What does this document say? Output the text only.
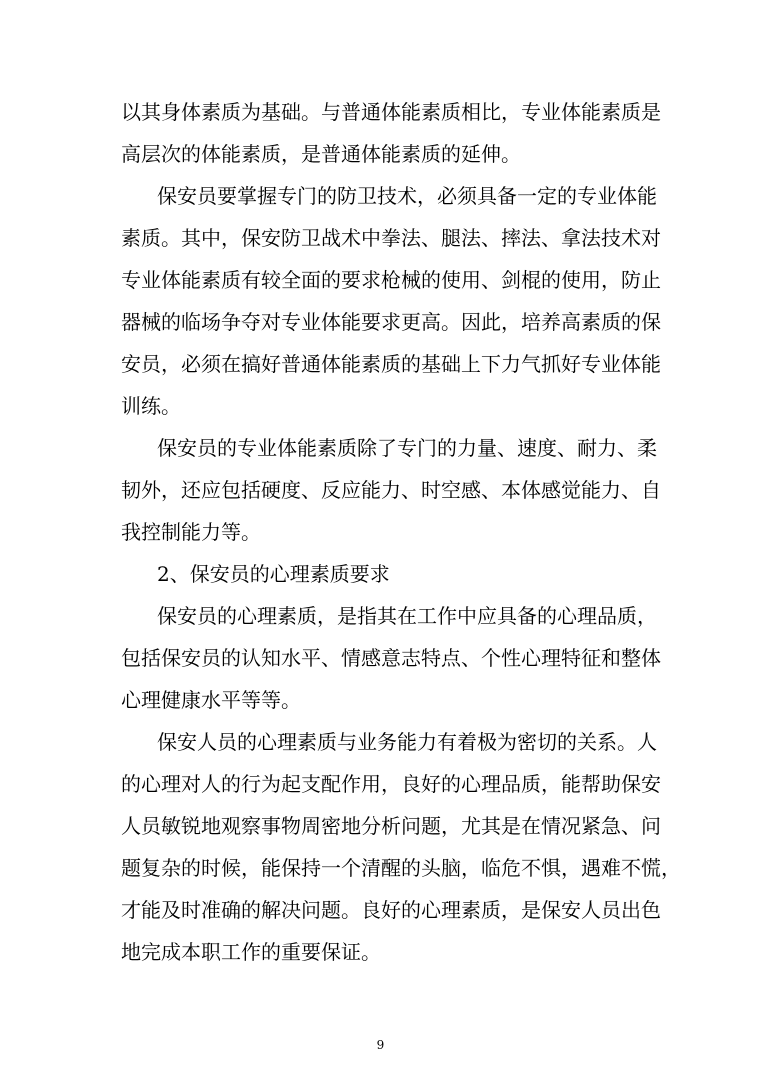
以其身体素质为基础。与普通体能素质相比，专业体能素质是
高层次的体能素质，是普通体能素质的延伸。
保安员要掌握专门的防卫技术，必须具备一定的专业体能
素质。其中，保安防卫战术中拳法、腿法、摔法、拿法技术对
专业体能素质有较全面的要求枪械的使用、剑棍的使用，防止
器械的临场争夺对专业体能要求更高。因此，培养高素质的保
安员，必须在搞好普通体能素质的基础上下力气抓好专业体能
训练。
保安员的专业体能素质除了专门的力量、速度、耐力、柔
韧外，还应包括硬度、反应能力、时空感、本体感觉能力、自
我控制能力等。
2、保安员的心理素质要求
保安员的心理素质，是指其在工作中应具备的心理品质，
包括保安员的认知水平、情感意志特点、个性心理特征和整体
心理健康水平等等。
保安人员的心理素质与业务能力有着极为密切的关系。人
的心理对人的行为起支配作用，良好的心理品质，能帮助保安
人员敏锐地观察事物周密地分析问题，尤其是在情况紧急、问
题复杂的时候，能保持一个清醒的头脑，临危不惧，遇难不慌，
才能及时准确的解决问题。良好的心理素质，是保安人员出色
地完成本职工作的重要保证。
9
